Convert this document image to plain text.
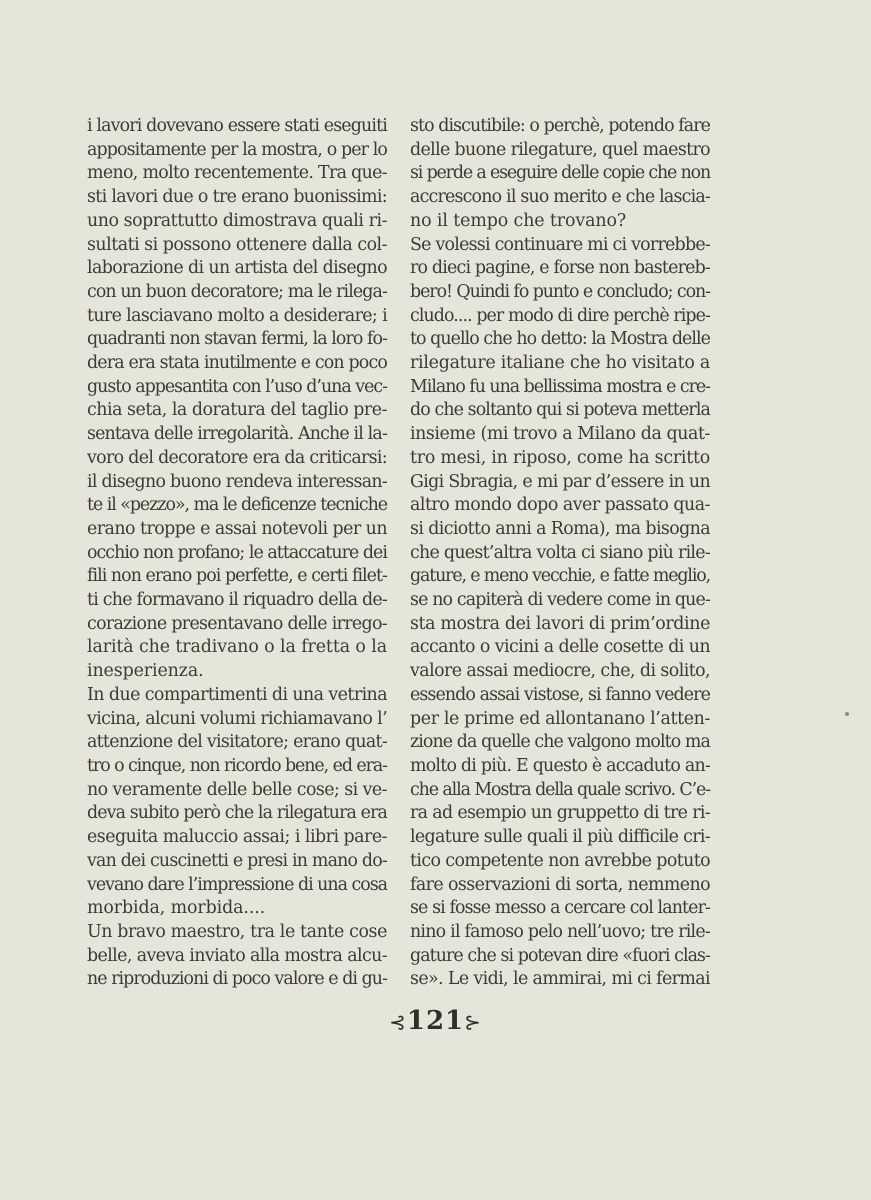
i lavori dovevano essere stati eseguiti
appositamente per la mostra, o per lo
meno, molto recentemente. Tra que-
sti lavori due o tre erano buonissimi:
uno soprattutto dimostrava quali ri-
sultati si possono ottenere dalla col-
laborazione di un artista del disegno
con un buon decoratore; ma le rilega-
ture lasciavano molto a desiderare; i
quadranti non stavan fermi, la loro fo-
dera era stata inutilmente e con poco
gusto appesantita con l’uso d’una vec-
chia seta, la doratura del taglio pre-
sentava delle irregolarità. Anche il la-
voro del decoratore era da criticarsi:
il disegno buono rendeva interessan-
te il «pezzo», ma le deficenze tecniche
erano troppe e assai notevoli per un
occhio non profano; le attaccature dei
fili non erano poi perfette, e certi filet-
ti che formavano il riquadro della de-
corazione presentavano delle irrego-
larità che tradivano o la fretta o la
inesperienza.
In due compartimenti di una vetrina
vicina, alcuni volumi richiamavano l’
attenzione del visitatore; erano quat-
tro o cinque, non ricordo bene, ed era-
no veramente delle belle cose; si ve-
deva subito però che la rilegatura era
eseguita maluccio assai; i libri pare-
van dei cuscinetti e presi in mano do-
vevano dare l’impressione di una cosa
morbida, morbida....
Un bravo maestro, tra le tante cose
belle, aveva inviato alla mostra alcu-
ne riproduzioni di poco valore e di gu-
sto discutibile: o perchè, potendo fare
delle buone rilegature, quel maestro
si perde a eseguire delle copie che non
accrescono il suo merito e che lascia-
no il tempo che trovano?
Se volessi continuare mi ci vorrebbe-
ro dieci pagine, e forse non bastereb-
bero! Quindi fo punto e concludo; con-
cludo.... per modo di dire perchè ripe-
to quello che ho detto: la Mostra delle
rilegature italiane che ho visitato a
Milano fu una bellissima mostra e cre-
do che soltanto qui si poteva metterla
insieme (mi trovo a Milano da quat-
tro mesi, in riposo, come ha scritto
Gigi Sbragia, e mi par d’essere in un
altro mondo dopo aver passato qua-
si diciotto anni a Roma), ma bisogna
che quest’altra volta ci siano più rile-
gature, e meno vecchie, e fatte meglio,
se no capiterà di vedere come in que-
sta mostra dei lavori di prim’ordine
accanto o vicini a delle cosette di un
valore assai mediocre, che, di solito,
essendo assai vistose, si fanno vedere
per le prime ed allontanano l’atten-
zione da quelle che valgono molto ma
molto di più. E questo è accaduto an-
che alla Mostra della quale scrivo. C’e-
ra ad esempio un gruppetto di tre ri-
legature sulle quali il più difficile cri-
tico competente non avrebbe potuto
fare osservazioni di sorta, nemmeno
se si fosse messo a cercare col lanter-
nino il famoso pelo nell’uovo; tre rile-
gature che si potevan dire «fuori clas-
se». Le vidi, le ammirai, mi ci fermai
⊰121⊱
